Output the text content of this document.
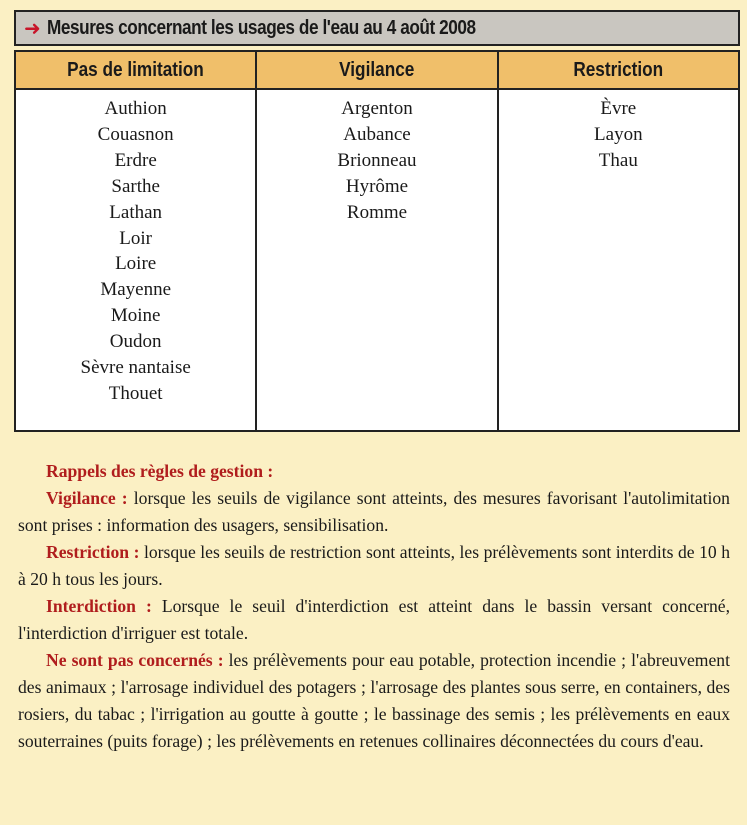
➜ Mesures concernant les usages de l'eau au 4 août 2008
Pas de limitation
Authion
Couasnon
Erdre
Sarthe
Lathan
Loir
Loire
Mayenne
Moine
Oudon
Sèvre nantaise
Thouet
Vigilance
Argenton
Aubance
Brionneau
Hyrôme
Romme
Restriction
Èvre
Layon
Thau

Rappels des règles de gestion :

Vigilance : lorsque les seuils de vigilance sont atteints, des mesures favorisant l'autolimitation sont prises : information des usagers, sensibilisation.

Restriction : lorsque les seuils de restriction sont atteints, les prélèvements sont interdits de 10 h à 20 h tous les jours.

Interdiction : Lorsque le seuil d'interdiction est atteint dans le bassin versant concerné, l'interdiction d'irriguer est totale.

Ne sont pas concernés : les prélèvements pour eau potable, protection incendie ; l'abreuvement des animaux ; l'arrosage individuel des potagers ; l'arrosage des plantes sous serre, en containers, des rosiers, du tabac ; l'irrigation au goutte à goutte ; le bassinage des semis ; les prélèvements en eaux souterraines (puits forage) ; les prélèvements en retenues collinaires déconnectées du cours d'eau.
